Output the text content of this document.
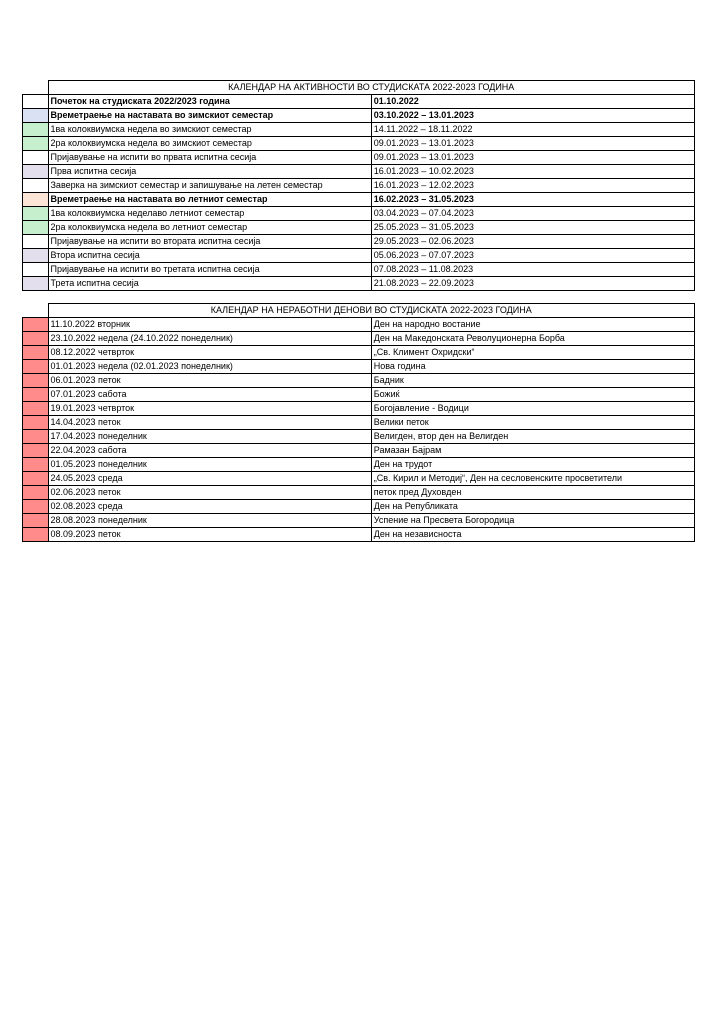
	КАЛЕНДАР НА АКТИВНОСТИ ВО СТУДИСКАТА 2022-2023 ГОДИНА	
	Почеток на студиската 2022/2023 година	01.10.2022
	Времетраење на наставата во зимскиот семестар	03.10.2022 – 13.01.2023
	1ва колоквиумска недела во зимскиот семестар	14.11.2022 – 18.11.2022
	2ра колоквиумска недела во зимскиот семестар	09.01.2023 – 13.01.2023
	Пријавување на испити во првата испитна сесија	09.01.2023 – 13.01.2023
	Прва испитна сесија	16.01.2023 – 10.02.2023
	Заверка на зимскиот семестар и запишување на летен семестар	16.01.2023 – 12.02.2023
	Времетраење на наставата во летниот семестар	16.02.2023 – 31.05.2023
	1ва колоквиумска неделаво летниот семестар	03.04.2023 – 07.04.2023
	2ра колоквиумска недела во летниот семестар	25.05.2023 – 31.05.2023
	Пријавување на испити во втората испитна сесија	29.05.2023 – 02.06.2023
	Втора испитна сесија	05.06.2023 – 07.07.2023
	Пријавување на испити во третата испитна сесија	07.08.2023 – 11.08.2023
	Трета испитна сесија	21.08.2023 – 22.09.2023
	КАЛЕНДАР НА НЕРАБОТНИ ДЕНОВИ ВО СТУДИСКАТА 2022-2023 ГОДИНА	
	11.10.2022 вторник	Ден на народно востание
	23.10.2022 недела (24.10.2022 понеделник)	Ден на Македонската Револуционерна Борба
	08.12.2022 четврток	„Св. Климент Охридски“
	01.01.2023 недела (02.01.2023 понеделник)	Нова година
	06.01.2023 петок	Бадник
	07.01.2023 сабота	Божиќ
	19.01.2023 четврток	Богојавление - Водици
	14.04.2023 петок	Велики петок
	17.04.2023 понеделник	Велигден, втор ден на Велигден
	22.04.2023 сабота	Рамазан Бајрам
	01.05.2023 понеделник	Ден на трудот
	24.05.2023 среда	„Св. Кирил и Методиј“, Ден на сесловенските просветители
	02.06.2023 петок	петок пред Духовден
	02.08.2023 среда	Ден на Републиката
	28.08.2023 понеделник	Успение на Пресвета Богородица
	08.09.2023 петок	Ден на независноста
